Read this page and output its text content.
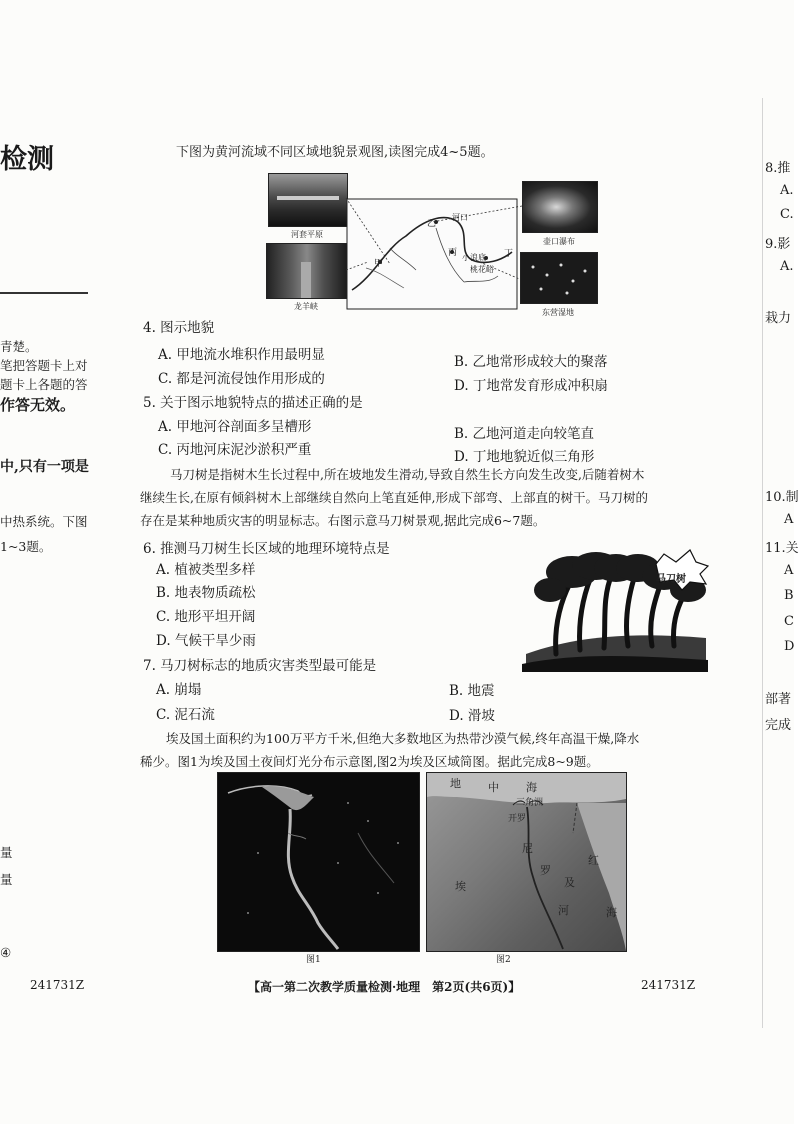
检测
青楚。
笔把答题卡上对
题卡上各题的答
作答无效。
中,只有一项是
中热系统。下图
1~3题。
量
量
④
241731Z
8.推
A.
C.
9.影
A.
栽力
10.制
A
11.关
A
B
C
D
部著
完成
下图为黄河流域不同区域地貌景观图,读图完成4~5题。
河套平原
龙羊峡
甲
乙
河口
丙 小浪底
桃花峪
丁
壶口瀑布
东营湿地
4. 图示地貌
A. 甲地流水堆积作用最明显	B. 乙地常形成较大的聚落
C. 都是河流侵蚀作用形成的	D. 丁地常发育形成冲积扇
5. 关于图示地貌特点的描述正确的是
A. 甲地河谷剖面多呈槽形	B. 乙地河道走向较笔直
C. 丙地河床泥沙淤积严重	D. 丁地地貌近似三角形
马刀树是指树木生长过程中,所在坡地发生滑动,导致自然生长方向发生改变,后随着树木
继续生长,在原有倾斜树木上部继续自然向上笔直延伸,形成下部弯、上部直的树干。马刀树的
存在是某种地质灾害的明显标志。右图示意马刀树景观,据此完成6~7题。
6. 推测马刀树生长区域的地理环境特点是
A. 植被类型多样
B. 地表物质疏松
C. 地形平坦开阔
D. 气候干旱少雨
马刀树
7. 马刀树标志的地质灾害类型最可能是
A. 崩塌	B. 地震
C. 泥石流	D. 滑坡
埃及国土面积约为100万平方千米,但绝大多数地区为热带沙漠气候,终年高温干燥,降水
稀少。图1为埃及国土夜间灯光分布示意图,图2为埃及区域简图。据此完成8~9题。
图1
地 中 海
三角洲
开罗
尼
罗
及
河
埃
红
海
图2
【高一第二次教学质量检测·地理　第2页(共6页)】	241731Z
